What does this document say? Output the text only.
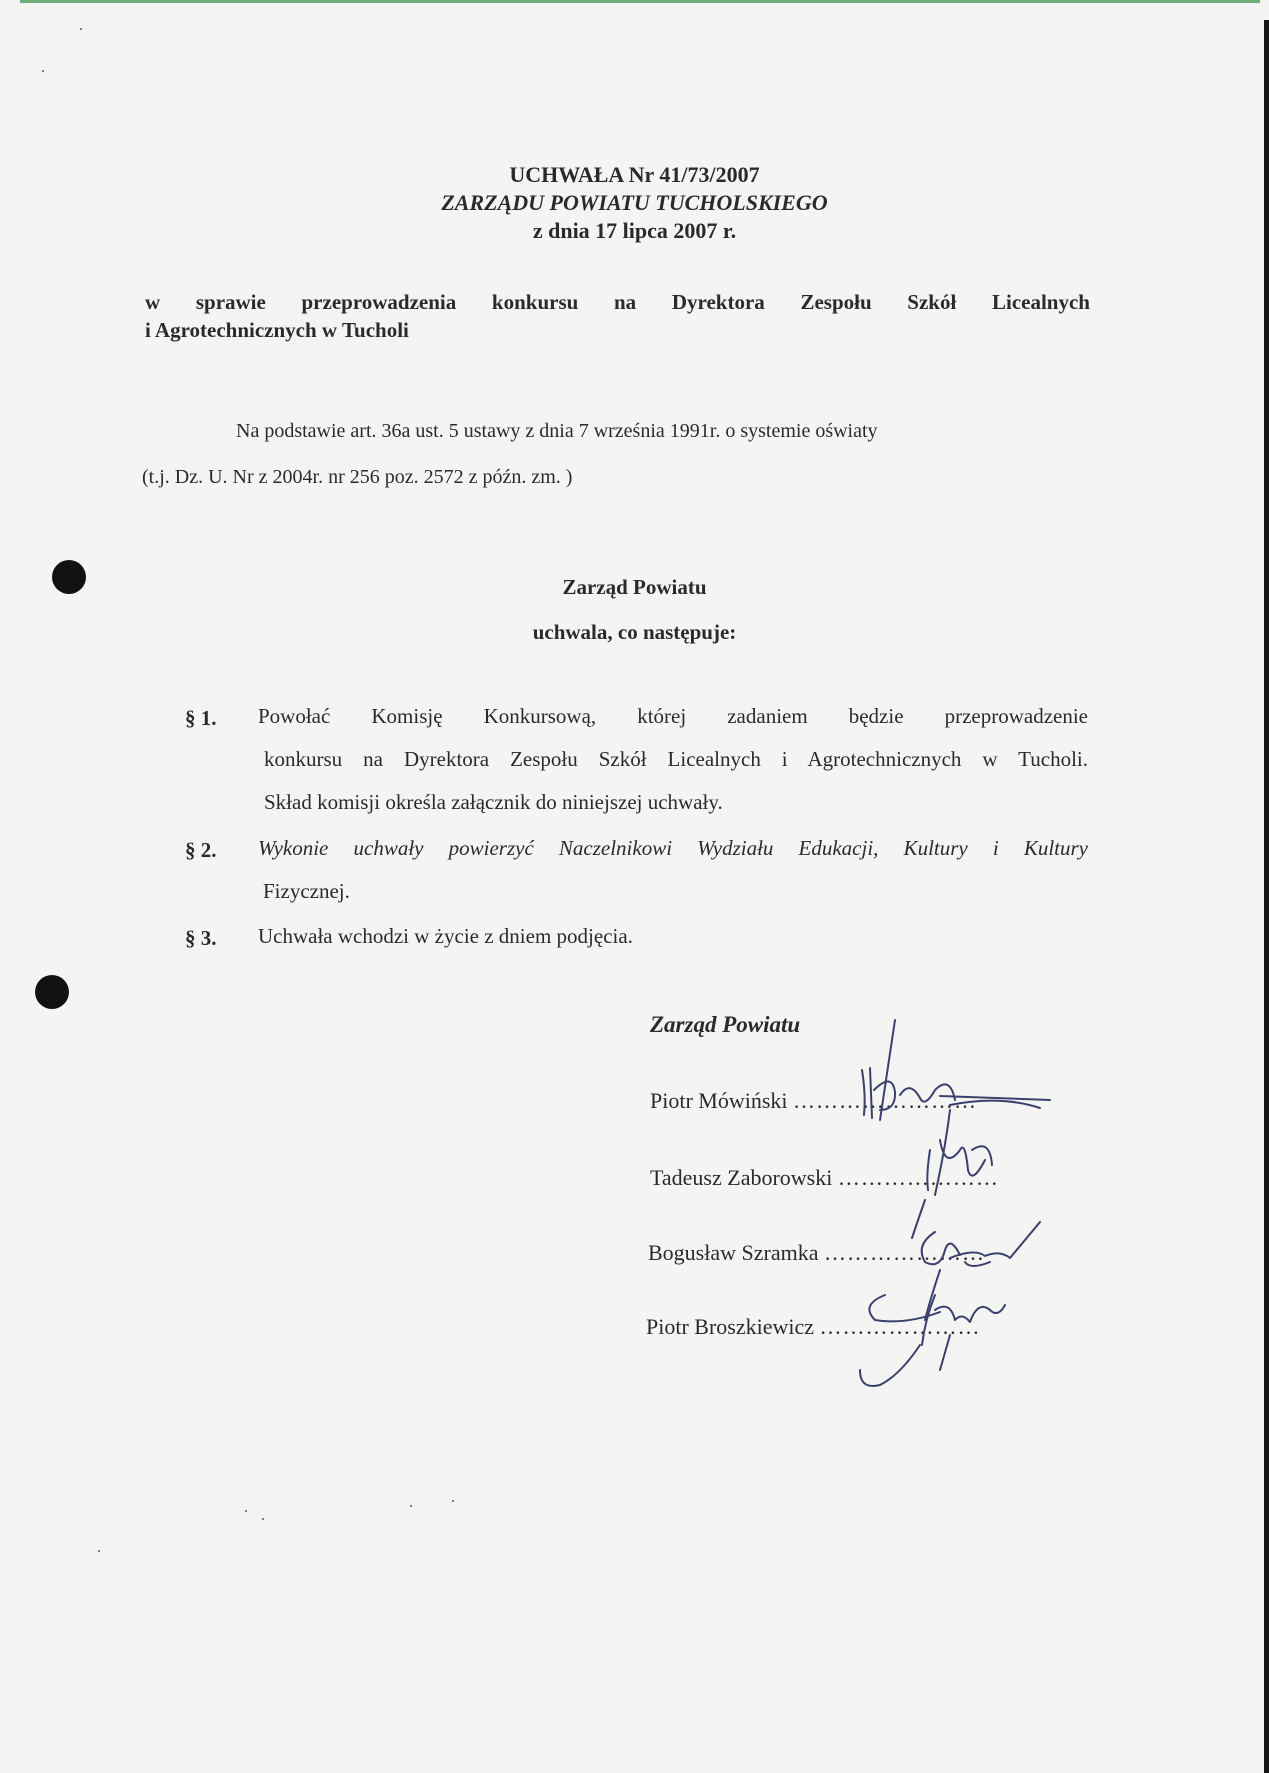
UCHWAŁA Nr 41/73/2007
ZARZĄDU POWIATU TUCHOLSKIEGO
z dnia 17 lipca 2007 r.
w sprawie przeprowadzenia konkursu na Dyrektora Zespołu Szkół Licealnych
i Agrotechnicznych w Tucholi
Na podstawie art. 36a ust. 5 ustawy z dnia 7 września 1991r. o systemie oświaty
(t.j. Dz. U. Nr z 2004r. nr 256 poz. 2572 z późn. zm. )
Zarząd Powiatu
uchwala, co następuje:
§ 1. Powołać Komisję Konkursową, której zadaniem będzie przeprowadzenie
konkursu na Dyrektora Zespołu Szkół Licealnych i Agrotechnicznych w Tucholi.
Skład komisji określa załącznik do niniejszej uchwały.
§ 2. Wykonie uchwały powierzyć Naczelnikowi Wydziału Edukacji, Kultury i Kultury
Fizycznej.
§ 3. Uchwała wchodzi w życie z dniem podjęcia.
Zarząd Powiatu
Piotr Mówiński ……………………
Tadeusz Zaborowski …………………
Bogusław Szramka …………………
Piotr Broszkiewicz …………………
